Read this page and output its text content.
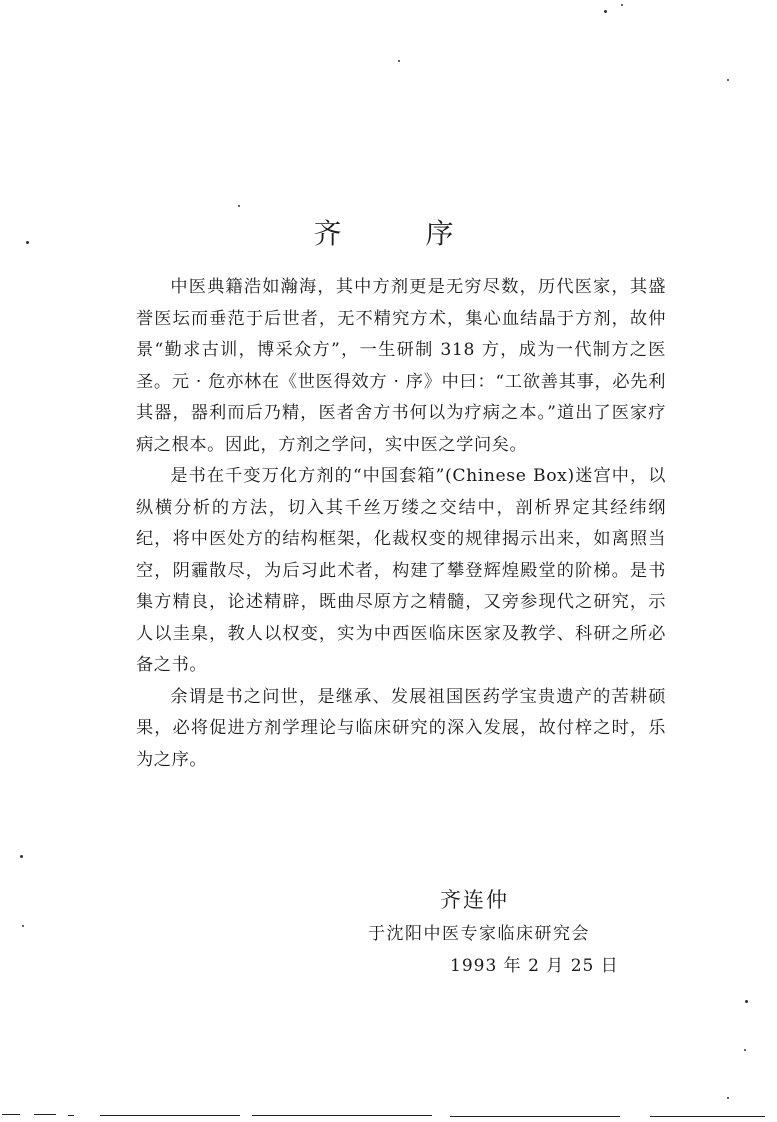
齐　序

中医典籍浩如瀚海，其中方剂更是无穷尽数，历代医家，其盛誉医坛而垂范于后世者，无不精究方术，集心血结晶于方剂，故仲景“勤求古训，博采众方”，一生研制 318 方，成为一代制方之医圣。元 · 危亦林在《世医得效方 · 序》中曰：“工欲善其事，必先利其器，器利而后乃精，医者舍方书何以为疗病之本。”道出了医家疗病之根本。因此，方剂之学问，实中医之学问矣。

是书在千变万化方剂的“中国套箱”(Chinese Box)迷宫中，以纵横分析的方法，切入其千丝万缕之交结中，剖析界定其经纬纲纪，将中医处方的结构框架，化裁权变的规律揭示出来，如离照当空，阴霾散尽，为后习此术者，构建了攀登辉煌殿堂的阶梯。是书集方精良，论述精辟，既曲尽原方之精髓，又旁参现代之研究，示人以圭臬，教人以权变，实为中西医临床医家及教学、科研之所必备之书。

余谓是书之问世，是继承、发展祖国医药学宝贵遗产的苦耕硕果，必将促进方剂学理论与临床研究的深入发展，故付梓之时，乐为之序。

齐连仲
于沈阳中医专家临床研究会
1993 年 2 月 25 日
